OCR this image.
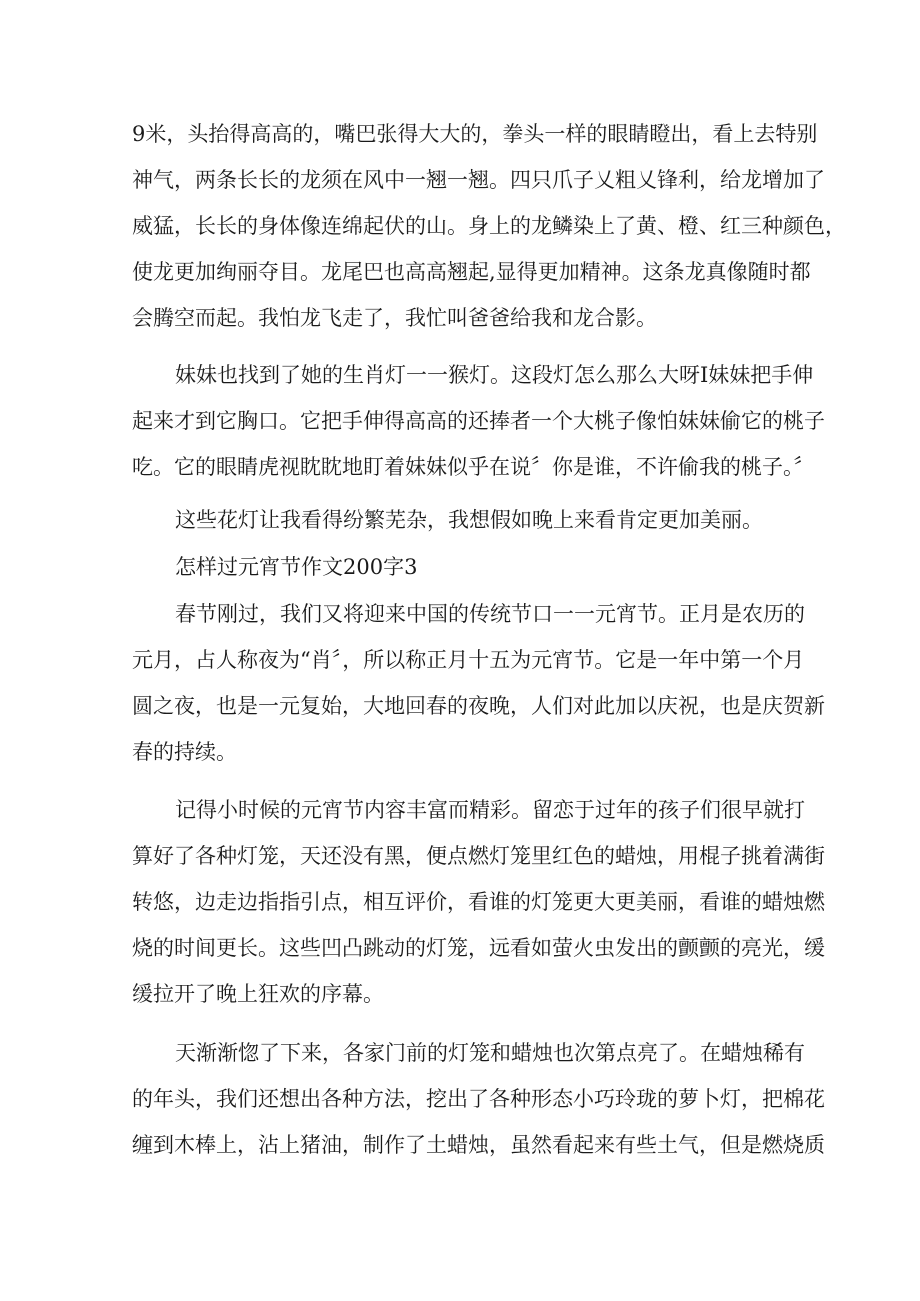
9米，头抬得高高的，嘴巴张得大大的，拳头一样的眼睛瞪出，看上去特别
神气，两条长长的龙须在风中一翘一翘。四只爪子乂粗乂锋利，给龙增加了
威猛，长长的身体像连绵起伏的山。身上的龙鳞染上了黄、橙、红三种颜色，
使龙更加绚丽夺目。龙尾巴也高高翘起,显得更加精神。这条龙真像随时都
会腾空而起。我怕龙飞走了，我忙叫爸爸给我和龙合影。
妹妹也找到了她的生肖灯一一猴灯。这段灯怎么那么大呀I妹妹把手伸
起来才到它胸口。它把手伸得高高的还捧者一个大桃子像怕妹妹偷它的桃子
吃。它的眼睛虎视眈眈地盯着妹妹似乎在说〞你是谁，不许偷我的桃子。〞
这些花灯让我看得纷繁芜杂，我想假如晚上来看肯定更加美丽。
怎样过元宵节作文200字3
春节刚过，我们又将迎来中国的传统节口一一元宵节。正月是农历的
元月，占人称夜为“肖〞，所以称正月十五为元宵节。它是一年中第一个月
圆之夜，也是一元复始，大地回春的夜晚，人们对此加以庆祝，也是庆贺新
春的持续。
记得小时候的元宵节内容丰富而精彩。留恋于过年的孩子们很早就打
算好了各种灯笼，天还没有黑，便点燃灯笼里红色的蜡烛，用棍子挑着满街
转悠，边走边指指引点，相互评价，看谁的灯笼更大更美丽，看谁的蜡烛燃
烧的时间更长。这些凹凸跳动的灯笼，远看如萤火虫发出的颤颤的亮光，缓
缓拉开了晚上狂欢的序幕。
天渐渐惚了下来，各家门前的灯笼和蜡烛也次第点亮了。在蜡烛稀有
的年头，我们还想出各种方法，挖出了各种形态小巧玲珑的萝卜灯，把棉花
缠到木棒上，沾上猪油，制作了土蜡烛，虽然看起来有些土气，但是燃烧质
